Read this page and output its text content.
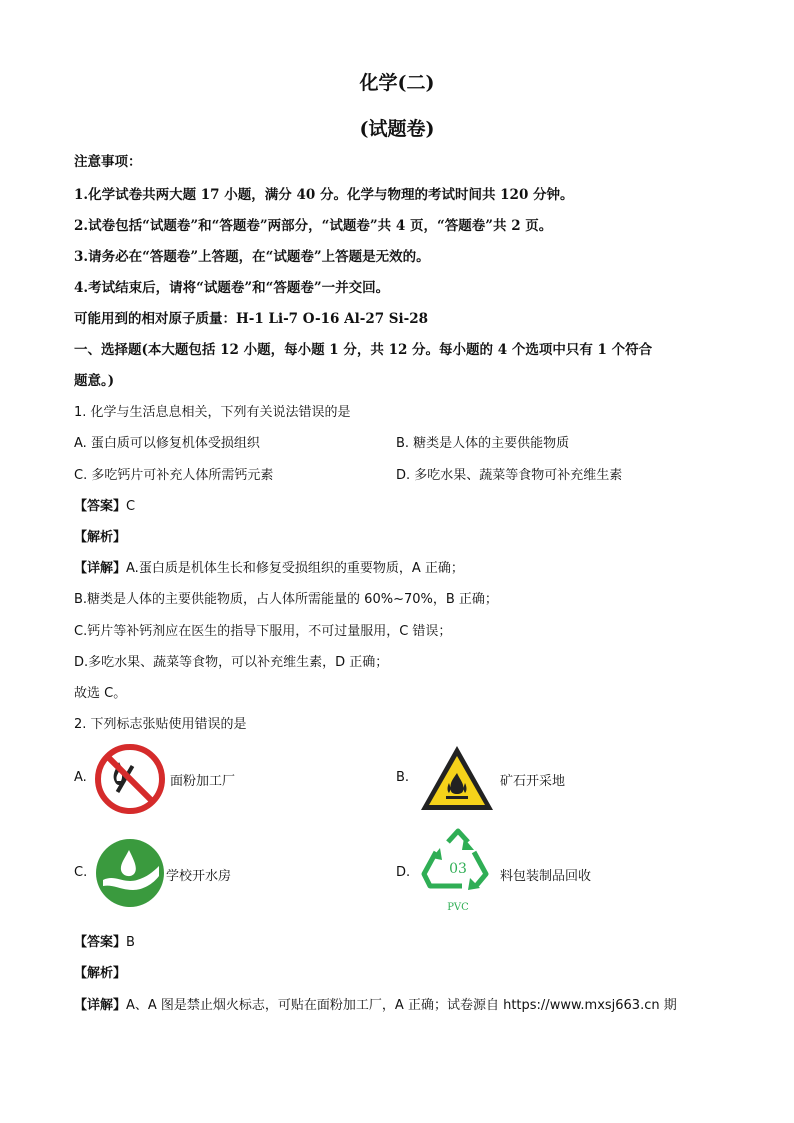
化学(二)
(试题卷)
注意事项：
1.化学试卷共两大题 17 小题，满分 40 分。化学与物理的考试时间共 120 分钟。
2.试卷包括“试题卷”和“答题卷”两部分，“试题卷”共 4 页，“答题卷”共 2 页。
3.请务必在“答题卷”上答题，在“试题卷”上答题是无效的。
4.考试结束后，请将“试题卷”和“答题卷”一并交回。
可能用到的相对原子质量：H-1 Li-7 O-16 Al-27 Si-28
一、选择题(本大题包括 12 小题，每小题 1 分，共 12 分。每小题的 4 个选项中只有 1 个符合
题意。)
1. 化学与生活息息相关，下列有关说法错误的是
A. 蛋白质可以修复机体受损组织	B. 糖类是人体的主要供能物质
C. 多吃钙片可补充人体所需钙元素	D. 多吃水果、蔬菜等食物可补充维生素
【答案】C
【解析】
【详解】A.蛋白质是机体生长和修复受损组织的重要物质，A 正确；
B.糖类是人体的主要供能物质，占人体所需能量的 60%~70%，B 正确；
C.钙片等补钙剂应在医生的指导下服用，不可过量服用，C 错误；
D.多吃水果、蔬菜等食物，可以补充维生素，D 正确；
故选 C。
2. 下列标志张贴使用错误的是
A.	面粉加工厂	B.	矿石开采地
C.	学校开水房	D.	03
PVC
料包装制品回收
【答案】B
【解析】
【详解】A、A 图是禁止烟火标志，可贴在面粉加工厂，A 正确；试卷源自 https://www.mxsj663.cn 期
